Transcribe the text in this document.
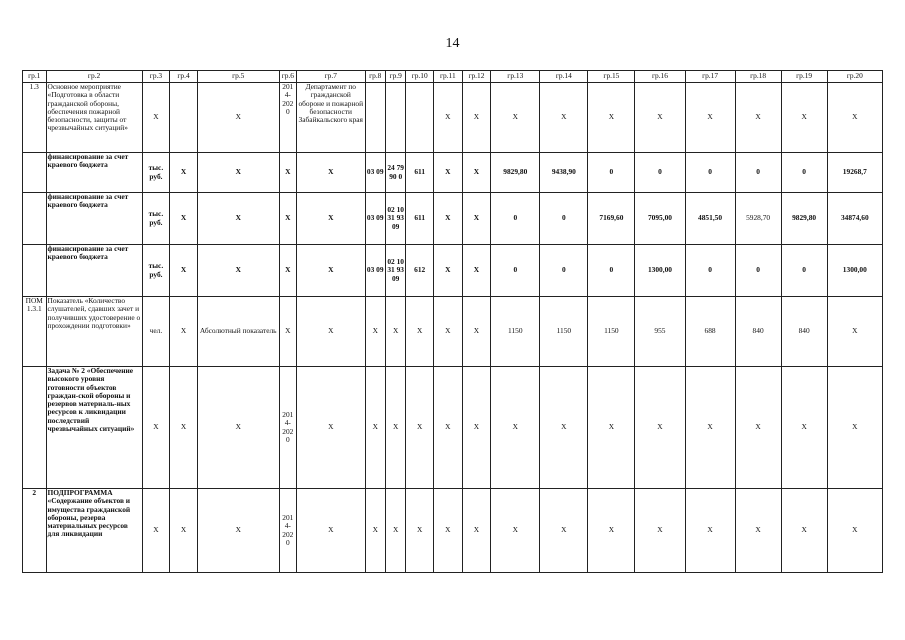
14
гр.1	гр.2	гр.3	гр.4	гр.5	гр.6	гр.7	гр.8	гр.9	гр.10	гр.11	гр.12	гр.13	гр.14	гр.15	гр.16	гр.17	гр.18	гр.19	гр.20
1.3	Основное мероприятие «Подготовка в области гражданской обороны, обеспечения пожарной безопасности, защиты от чрезвычайных ситуаций»	Х		Х	2014-2020	Департамент по гражданской обороне и пожарной безопасности Забайкальского края				Х	Х	Х	Х	Х	Х	Х	Х	Х	Х
	финансирование за счет краевого бюджета	тыс. руб.	Х	Х	Х	Х	03 09	24 79 90 0	611	Х	Х	9829,80	9438,90	0	0	0	0	0	19268,7
	финансирование за счет краевого бюджета	тыс. руб.	Х	Х	Х	Х	03 09	02 10 31 93 09	611	Х	Х	0	0	7169,60	7095,00	4851,50	5928,70	9829,80	34874,60
	финансирование за счет краевого бюджета	тыс. руб.	Х	Х	Х	Х	03 09	02 10 31 93 09	612	Х	Х	0	0	0	1300,00	0	0	0	1300,00
ПОМ 1.3.1	Показатель «Количество слушателей, сдавших зачет и получивших удостоверение о прохождении подготовки»	чел.	Х	Абсолютный показатель	Х	Х	Х	Х	Х	Х	Х	1150	1150	1150	955	688	840	840	Х
	Задача № 2 «Обеспечение высокого уровня готовности объектов граждан-ской обороны и резервов материаль-ных ресурсов к ликвидации последствий чрезвычайных ситуаций»	Х	Х	Х	2014-2020	Х	Х	Х	Х	Х	Х	Х	Х	Х	Х	Х	Х	Х	Х
2	ПОДПРОГРАММА «Содержание объектов и имущества гражданской обороны, резерва материальных ресурсов для ликвидации	Х	Х	Х	2014-2020	Х	Х	Х	Х	Х	Х	Х	Х	Х	Х	Х	Х	Х	Х
